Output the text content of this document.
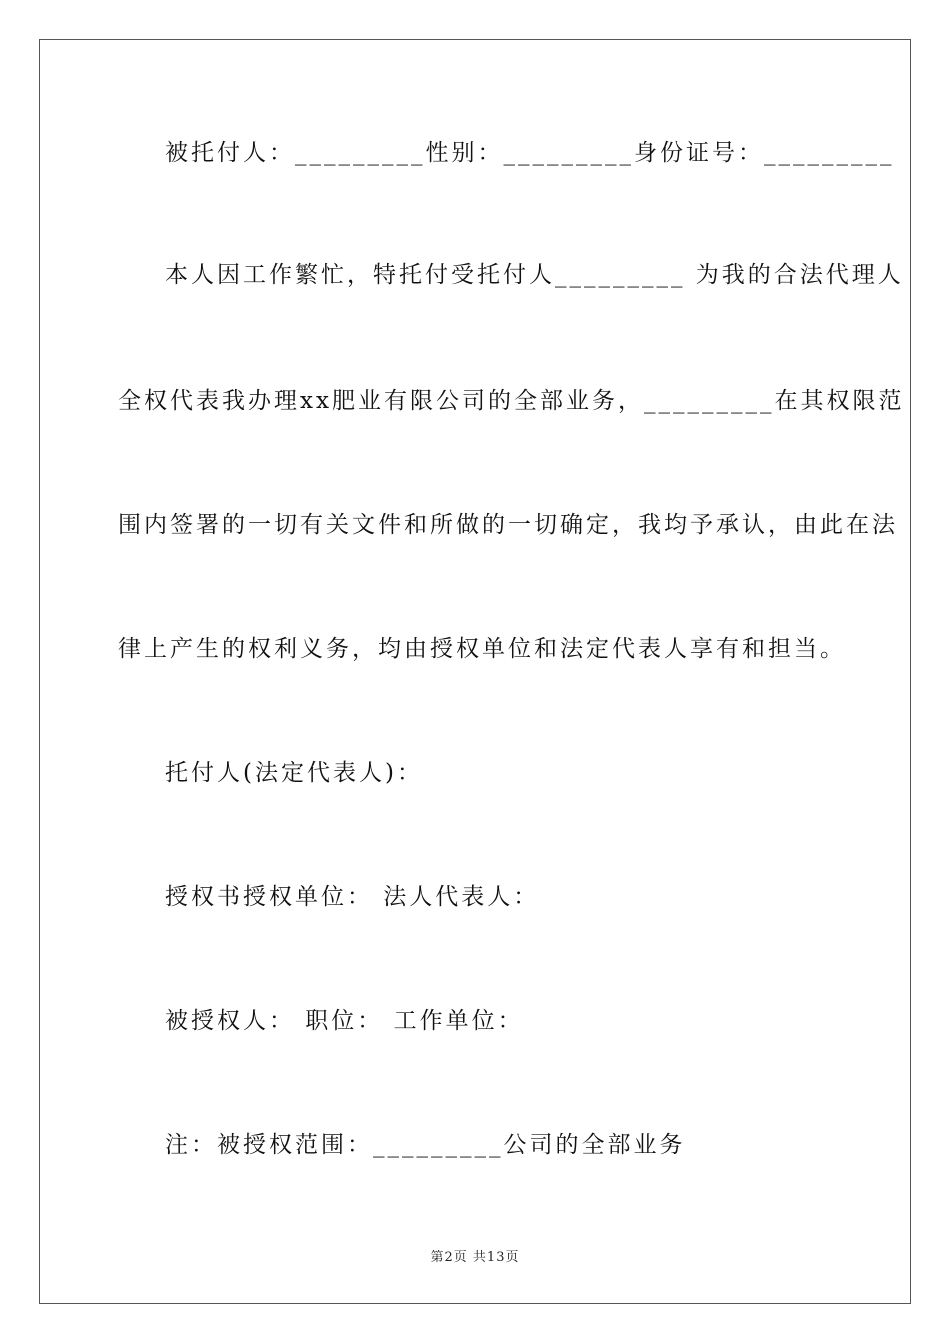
被托付人：_________性别：_________身份证号：_________
本人因工作繁忙，特托付受托付人_________ 为我的合法代理人
全权代表我办理xx肥业有限公司的全部业务，_________在其权限范
围内签署的一切有关文件和所做的一切确定，我均予承认，由此在法
律上产生的权利义务，均由授权单位和法定代表人享有和担当。
托付人(法定代表人)：
授权书授权单位： 法人代表人：
被授权人： 职位： 工作单位：
注：被授权范围：_________公司的全部业务
第2页 共13页
